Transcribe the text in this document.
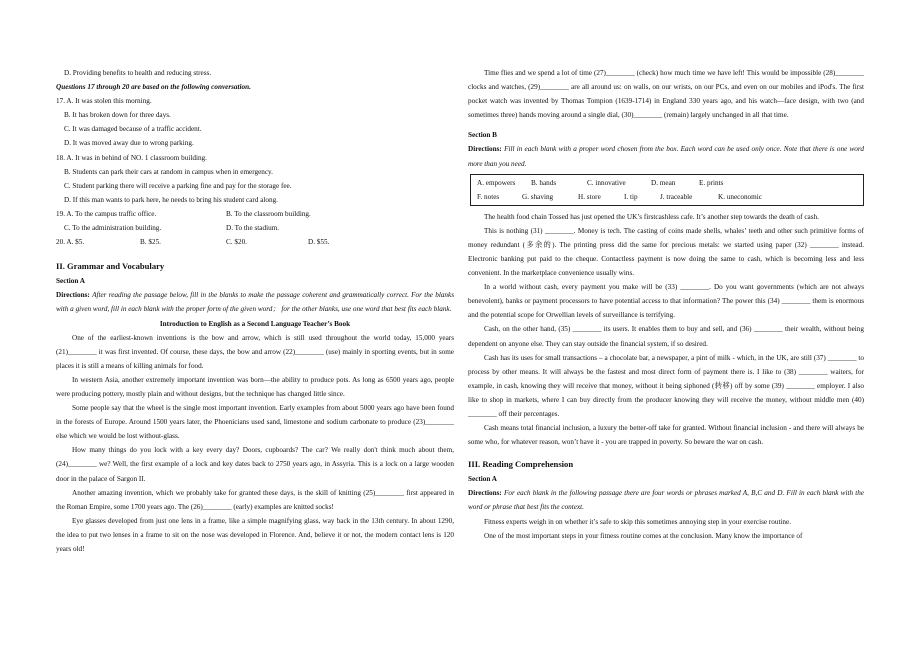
D. Providing benefits to health and reducing stress.
Questions 17 through 20 are based on the following conversation.
17. A. It was stolen this morning.
B. It has broken down for three days.
C. It was damaged because of a traffic accident.
D. It was moved away due to wrong parking.
18. A. It was in behind of NO. 1 classroom building.
B. Students can park their cars at random in campus when in emergency.
C. Student parking there will receive a parking fine and pay for the storage fee.
D. If this man wants to park here, he needs to bring his student card along.
19. A. To the campus traffic office.	B. To the classroom building.
C. To the administration building.	D. To the stadium.
20. A. $5.	B. $25.	C. $20.	D. $55.
II. Grammar and Vocabulary
Section A
Directions: After reading the passage below, fill in the blanks to make the passage coherent and grammatically correct. For the blanks with a given word, fill in each blank with the proper form of the given word； for the other blanks, use one word that best fits each blank.
Introduction to English as a Second Language Teacher’s Book

One of the earliest-known inventions is the bow and arrow, which is still used throughout the world today, 15,000 years (21)________ it was first invented. Of course, these days, the bow and arrow (22)________ (use) mainly in sporting events, but in some places it is still a means of killing animals for food.

In western Asia, another extremely important invention was born—the ability to produce pots. As long as 6500 years ago, people were producing pottery, mostly plain and without designs, but the technique has changed little since.

Some people say that the wheel is the single most important invention. Early examples from about 5000 years ago have been found in the forests of Europe. Around 1500 years later, the Phoenicians used sand, limestone and sodium carbonate to produce (23)________ else which we would be lost without-glass.

How many things do you lock with a key every day? Doors, cupboards? The car? We really don't think much about them, (24)________ we? Well, the first example of a lock and key dates back to 2750 years ago, in Assyria. This is a lock on a large wooden door in the palace of Sargon II.

Another amazing invention, which we probably take for granted these days, is the skill of knitting (25)________ first appeared in the Roman Empire, some 1700 years ago. The (26)________ (early) examples are knitted socks!

Eye glasses developed from just one lens in a frame, like a simple magnifying glass, way back in the 13th century. In about 1290, the idea to put two lenses in a frame to sit on the nose was developed in Florence. And, believe it or not, the modern contact lens is 120 years old!

Time flies and we spend a lot of time (27)________ (check) how much time we have left! This would be impossible (28)________ clocks and watches, (29)________ are all around us: on walls, on our wrists, on our PCs, and even on our mobiles and iPod's. The first pocket watch was invented by Thomas Tompion (1639-1714) in England 330 years ago, and his watch—face design, with two (and sometimes three) hands moving around a single dial, (30)________ (remain) largely unchanged in all that time.

Section B
Directions: Fill in each blank with a proper word chosen from the box. Each word can be used only once. Note that there is one word more than you need.
A. empowers	B. hands	C. innovative	D. mean	E. prints
F. notes	G. shaving	H. store	I. tip	J. traceable	K. uneconomic

The health food chain Tossed has just opened the UK’s firstcashless cafe. It’s another step towards the death of cash.

This is nothing (31) ________. Money is tech. The casting of coins made shells, whales’ teeth and other such primitive forms of money redundant (多余的). The printing press did the same for precious metals: we started using paper (32) ________ instead. Electronic banking put paid to the cheque. Contactless payment is now doing the same to cash, which is becoming less and less convenient. In the marketplace convenience usually wins.

In a world without cash, every payment you make will be (33) ________. Do you want governments (which are not always benevolent), banks or payment processors to have potential access to that information? The power this (34) ________ them is enormous and the potential scope for Orwellian levels of surveillance is terrifying.

Cash, on the other hand, (35) ________ its users. It enables them to buy and sell, and (36) ________ their wealth, without being dependent on anyone else. They can stay outside the financial system, if so desired.

Cash has its uses for small transactions – a chocolate bar, a newspaper, a pint of milk - which, in the UK, are still (37) ________ to process by other means. It will always be the fastest and most direct form of payment there is. I like to (38) ________ waiters, for example, in cash, knowing they will receive that money, without it being siphoned (转移) off by some (39) ________ employer. I also like to shop in markets, where I can buy directly from the producer knowing they will receive the money, without middle men (40) ________ off their percentages.

Cash means total financial inclusion, a luxury the better-off take for granted. Without financial inclusion - and there will always be some who, for whatever reason, won’t have it - you are trapped in poverty. So beware the war on cash.

III. Reading Comprehension
Section A
Directions: For each blank in the following passage there are four words or phrases marked A, B,C and D. Fill in each blank with the word or phrase that best fits the context.

Fitness experts weigh in on whether it’s safe to skip this sometimes annoying step in your exercise routine.

One of the most important steps in your fitness routine comes at the conclusion. Many know the importance of
